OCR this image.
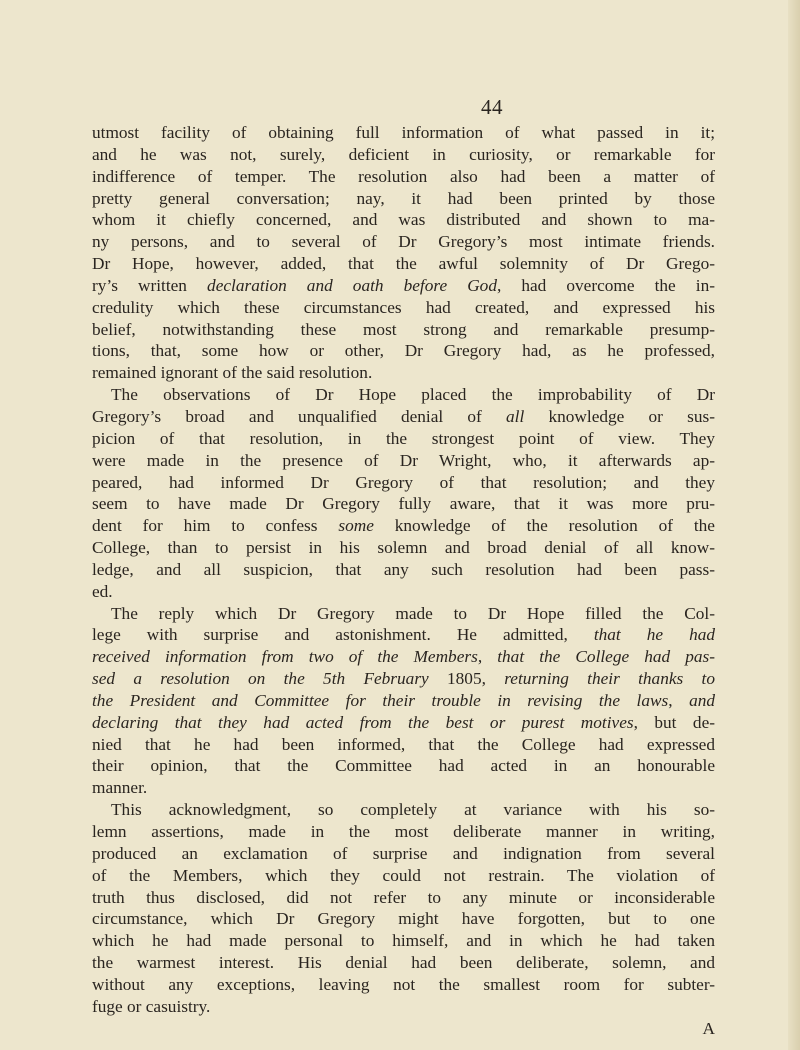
44
utmost facility of obtaining full information of what passed in it;
and he was not, surely, deficient in curiosity, or remarkable for
indifference of temper. The resolution also had been a matter of
pretty general conversation; nay, it had been printed by those
whom it chiefly concerned, and was distributed and shown to ma-
ny persons, and to several of Dr Gregory’s most intimate friends.
Dr Hope, however, added, that the awful solemnity of Dr Grego-
ry’s written declaration and oath before God, had overcome the in-
credulity which these circumstances had created, and expressed his
belief, notwithstanding these most strong and remarkable presump-
tions, that, some how or other, Dr Gregory had, as he professed,
remained ignorant of the said resolution.
The observations of Dr Hope placed the improbability of Dr
Gregory’s broad and unqualified denial of all knowledge or sus-
picion of that resolution, in the strongest point of view. They
were made in the presence of Dr Wright, who, it afterwards ap-
peared, had informed Dr Gregory of that resolution; and they
seem to have made Dr Gregory fully aware, that it was more pru-
dent for him to confess some knowledge of the resolution of the
College, than to persist in his solemn and broad denial of all know-
ledge, and all suspicion, that any such resolution had been pass-
ed.
The reply which Dr Gregory made to Dr Hope filled the Col-
lege with surprise and astonishment. He admitted, that he had
received information from two of the Members, that the College had pas-
sed a resolution on the 5th February 1805, returning their thanks to
the President and Committee for their trouble in revising the laws, and
declaring that they had acted from the best or purest motives, but de-
nied that he had been informed, that the College had expressed
their opinion, that the Committee had acted in an honourable
manner.
This acknowledgment, so completely at variance with his so-
lemn assertions, made in the most deliberate manner in writing,
produced an exclamation of surprise and indignation from several
of the Members, which they could not restrain. The violation of
truth thus disclosed, did not refer to any minute or inconsiderable
circumstance, which Dr Gregory might have forgotten, but to one
which he had made personal to himself, and in which he had taken
the warmest interest. His denial had been deliberate, solemn, and
without any exceptions, leaving not the smallest room for subter-
fuge or casuistry.
A
